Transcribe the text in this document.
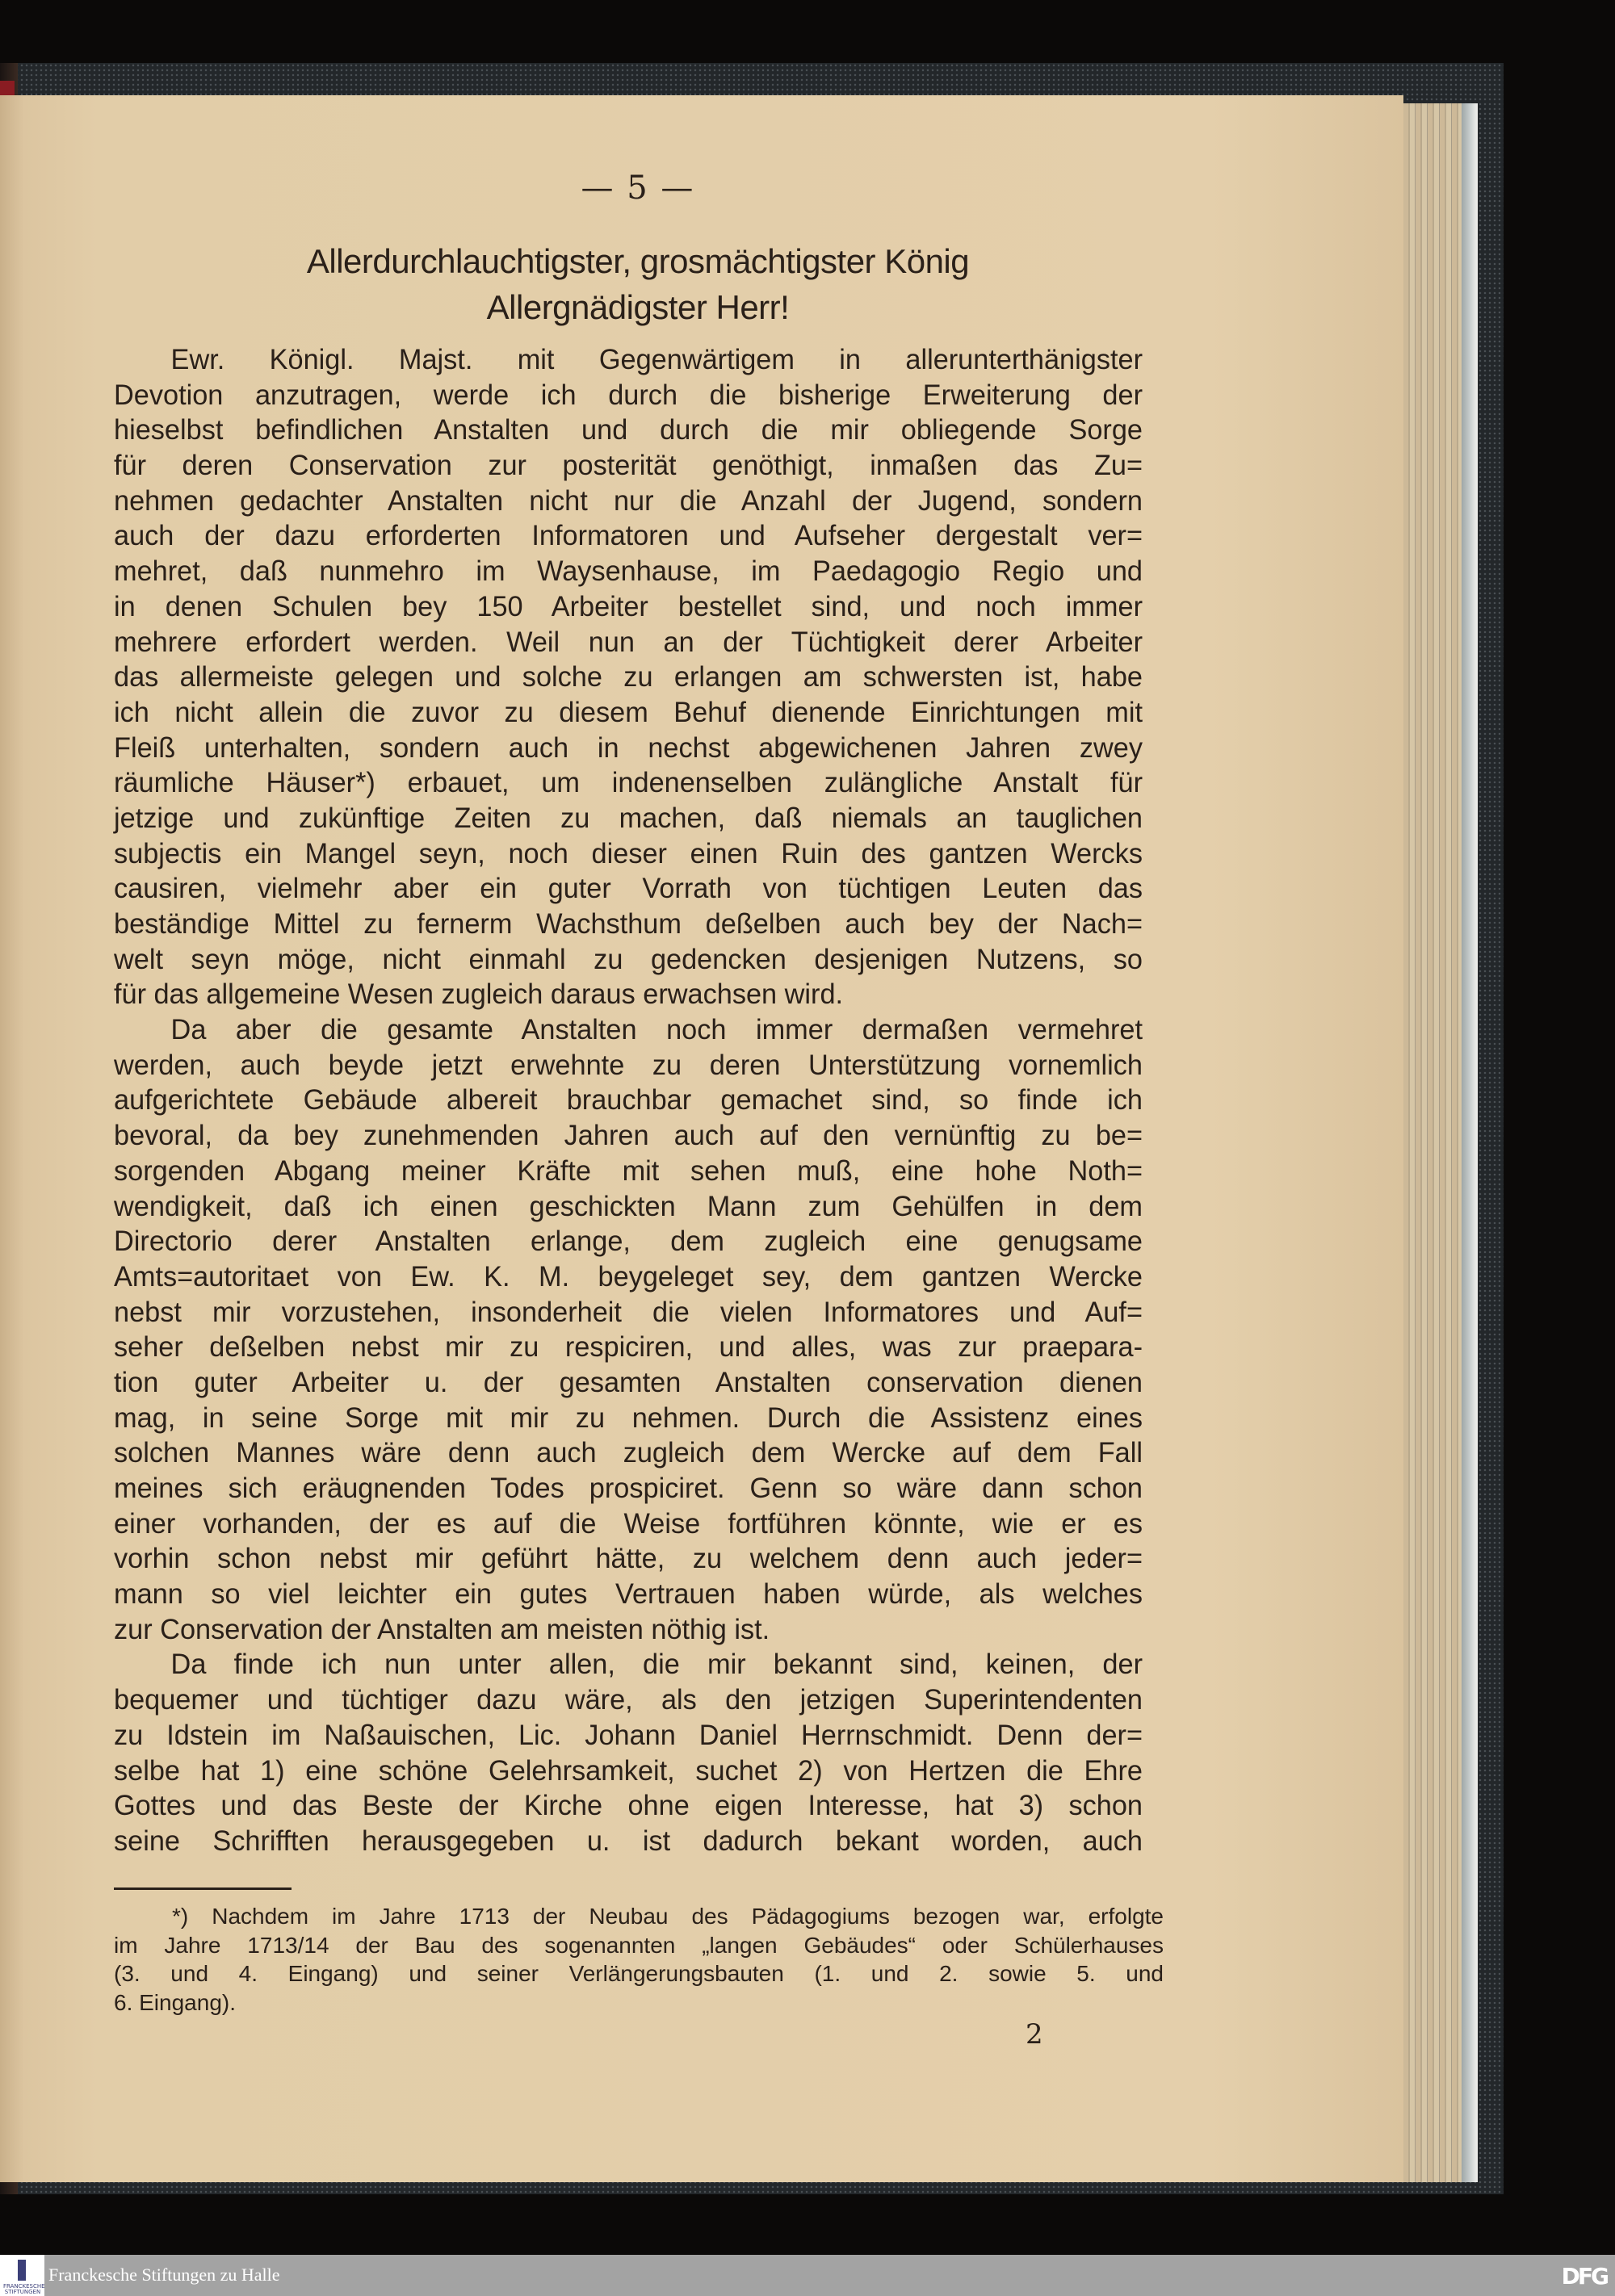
— 5 —
Allerdurchlauchtigster, grosmächtigster König
Allergnädigster Herr!
Ewr. Königl. Majst. mit Gegenwärtigem in allerunterthänigster
Devotion anzutragen, werde ich durch die bisherige Erweiterung der
hieselbst befindlichen Anstalten und durch die mir obliegende Sorge
für deren Conservation zur posterität genöthigt, inmaßen das Zu=
nehmen gedachter Anstalten nicht nur die Anzahl der Jugend, sondern
auch der dazu erforderten Informatoren und Aufseher dergestalt ver=
mehret, daß nunmehro im Waysenhause, im Paedagogio Regio und
in denen Schulen bey 150 Arbeiter bestellet sind, und noch immer
mehrere erfordert werden. Weil nun an der Tüchtigkeit derer Arbeiter
das allermeiste gelegen und solche zu erlangen am schwersten ist, habe
ich nicht allein die zuvor zu diesem Behuf dienende Einrichtungen mit
Fleiß unterhalten, sondern auch in nechst abgewichenen Jahren zwey
räumliche Häuser*) erbauet, um indenenselben zulängliche Anstalt für
jetzige und zukünftige Zeiten zu machen, daß niemals an tauglichen
subjectis ein Mangel seyn, noch dieser einen Ruin des gantzen Wercks
causiren, vielmehr aber ein guter Vorrath von tüchtigen Leuten das
beständige Mittel zu fernerm Wachsthum deßelben auch bey der Nach=
welt seyn möge, nicht einmahl zu gedencken desjenigen Nutzens, so
für das allgemeine Wesen zugleich daraus erwachsen wird.
Da aber die gesamte Anstalten noch immer dermaßen vermehret
werden, auch beyde jetzt erwehnte zu deren Unterstützung vornemlich
aufgerichtete Gebäude albereit brauchbar gemachet sind, so finde ich
bevoral, da bey zunehmenden Jahren auch auf den vernünftig zu be=
sorgenden Abgang meiner Kräfte mit sehen muß, eine hohe Noth=
wendigkeit, daß ich einen geschickten Mann zum Gehülfen in dem
Directorio derer Anstalten erlange, dem zugleich eine genugsame
Amts=autoritaet von Ew. K. M. beygeleget sey, dem gantzen Wercke
nebst mir vorzustehen, insonderheit die vielen Informatores und Auf=
seher deßelben nebst mir zu respiciren, und alles, was zur praepara-
tion guter Arbeiter u. der gesamten Anstalten conservation dienen
mag, in seine Sorge mit mir zu nehmen. Durch die Assistenz eines
solchen Mannes wäre denn auch zugleich dem Wercke auf dem Fall
meines sich eräugnenden Todes prospiciret. Genn so wäre dann schon
einer vorhanden, der es auf die Weise fortführen könnte, wie er es
vorhin schon nebst mir geführt hätte, zu welchem denn auch jeder=
mann so viel leichter ein gutes Vertrauen haben würde, als welches
zur Conservation der Anstalten am meisten nöthig ist.
Da finde ich nun unter allen, die mir bekannt sind, keinen, der
bequemer und tüchtiger dazu wäre, als den jetzigen Superintendenten
zu Idstein im Naßauischen, Lic. Johann Daniel Herrnschmidt. Denn der=
selbe hat 1) eine schöne Gelehrsamkeit, suchet 2) von Hertzen die Ehre
Gottes und das Beste der Kirche ohne eigen Interesse, hat 3) schon
seine Schrifften herausgegeben u. ist dadurch bekant worden, auch
*) Nachdem im Jahre 1713 der Neubau des Pädagogiums bezogen war, erfolgte
im Jahre 1713/14 der Bau des sogenannten „langen Gebäudes“ oder Schülerhauses
(3. und 4. Eingang) und seiner Verlängerungsbauten (1. und 2. sowie 5. und
6. Eingang).
2
FRANCKESCHE STIFTUNGEN
Franckesche Stiftungen zu Halle	DFG
